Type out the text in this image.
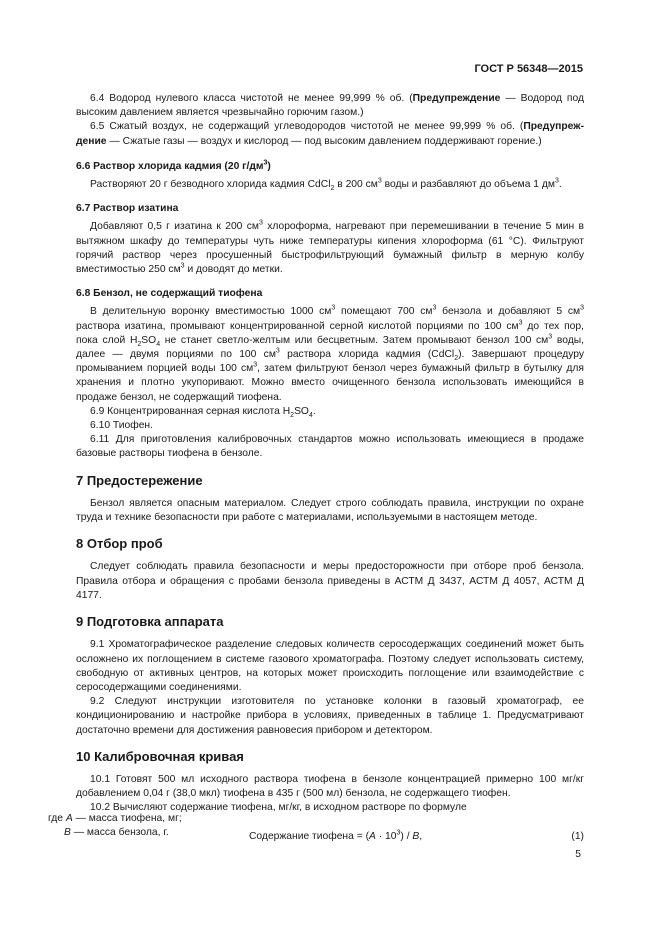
ГОСТ Р 56348—2015

6.4 Водород нулевого класса чистотой не менее 99,999 % об. (Предупреждение — Водород под высоким давлением является чрезвычайно горючим газом.)

6.5 Сжатый воздух, не содержащий углеводородов чистотой не менее 99,999 % об. (Предупреж-дение — Сжатые газы — воздух и кислород — под высоким давлением поддерживают горение.)

6.6 Раствор хлорида кадмия (20 $г/дм^3$)

Растворяют 20 г безводного хлорида кадмия CdCl$_2$ в 200 $см^3$ воды и разбавляют до объема 1 $дм^3$.

6.7 Раствор изатина

Добавляют 0,5 г изатина к 200 $см^3$ хлороформа, нагревают при перемешивании в течение 5 мин в вытяжном шкафу до температуры чуть ниже температуры кипения хлороформа (61 °C). Фильтруют горячий раствор через просушенный быстрофильтрующий бумажный фильтр в мерную колбу вместимостью 250 $см^3$ и доводят до метки.

6.8 Бензол, не содержащий тиофена

В делительную воронку вместимостью 1000 $см^3$ помещают 700 $см^3$ бензола и добавляют 5 $см^3$ раствора изатина, промывают концентрированной серной кислотой порциями по 100 $см^3$ до тех пор, пока слой $H_2SO_4$ не станет светло-желтым или бесцветным. Затем промывают бензол 100 $см^3$ воды, далее — двумя порциями по 100 $см^3$ раствора хлорида кадмия (CdCl$_2$). Завершают процедуру промыванием порцией воды 100 $см^3$, затем фильтруют бензол через бумажный фильтр в бутылку для хранения и плотно укупоривают. Можно вместо очищенного бензола использовать имеющийся в продаже бензол, не содержащий тиофена.

6.9 Концентрированная серная кислота $H_2SO_4$.

6.10 Тиофен.

6.11 Для приготовления калибровочных стандартов можно использовать имеющиеся в продаже базовые растворы тиофена в бензоле.

7 Предостережение

Бензол является опасным материалом. Следует строго соблюдать правила, инструкции по охране труда и технике безопасности при работе с материалами, используемыми в настоящем методе.

8 Отбор проб

Следует соблюдать правила безопасности и меры предосторожности при отборе проб бензола. Правила отбора и обращения с пробами бензола приведены в АСТМ Д 3437, АСТМ Д 4057, АСТМ Д 4177.

9 Подготовка аппарата

9.1 Хроматографическое разделение следовых количеств серосодержащих соединений может быть осложнено их поглощением в системе газового хроматографа. Поэтому следует использовать систему, свободную от активных центров, на которых может происходить поглощение или взаимодействие с серосодержащими соединениями.

9.2 Следуют инструкции изготовителя по установке колонки в газовый хроматограф, ее кондиционированию и настройке прибора в условиях, приведенных в таблице 1. Предусматривают достаточно времени для достижения равновесия прибором и детектором.

10 Калибровочная кривая

10.1 Готовят 500 мл исходного раствора тиофена в бензоле концентрацией примерно 100 мг/кг добавлением 0,04 г (38,0 мкл) тиофена в 435 г (500 мл) бензола, не содержащего тиофен.

10.2 Вычисляют содержание тиофена, мг/кг, в исходном растворе по формуле

Содержание тиофена = $(A \cdot 10^3) / B$,	(1)
где A — масса тиофена, мг;
B — масса бензола, г.
5
